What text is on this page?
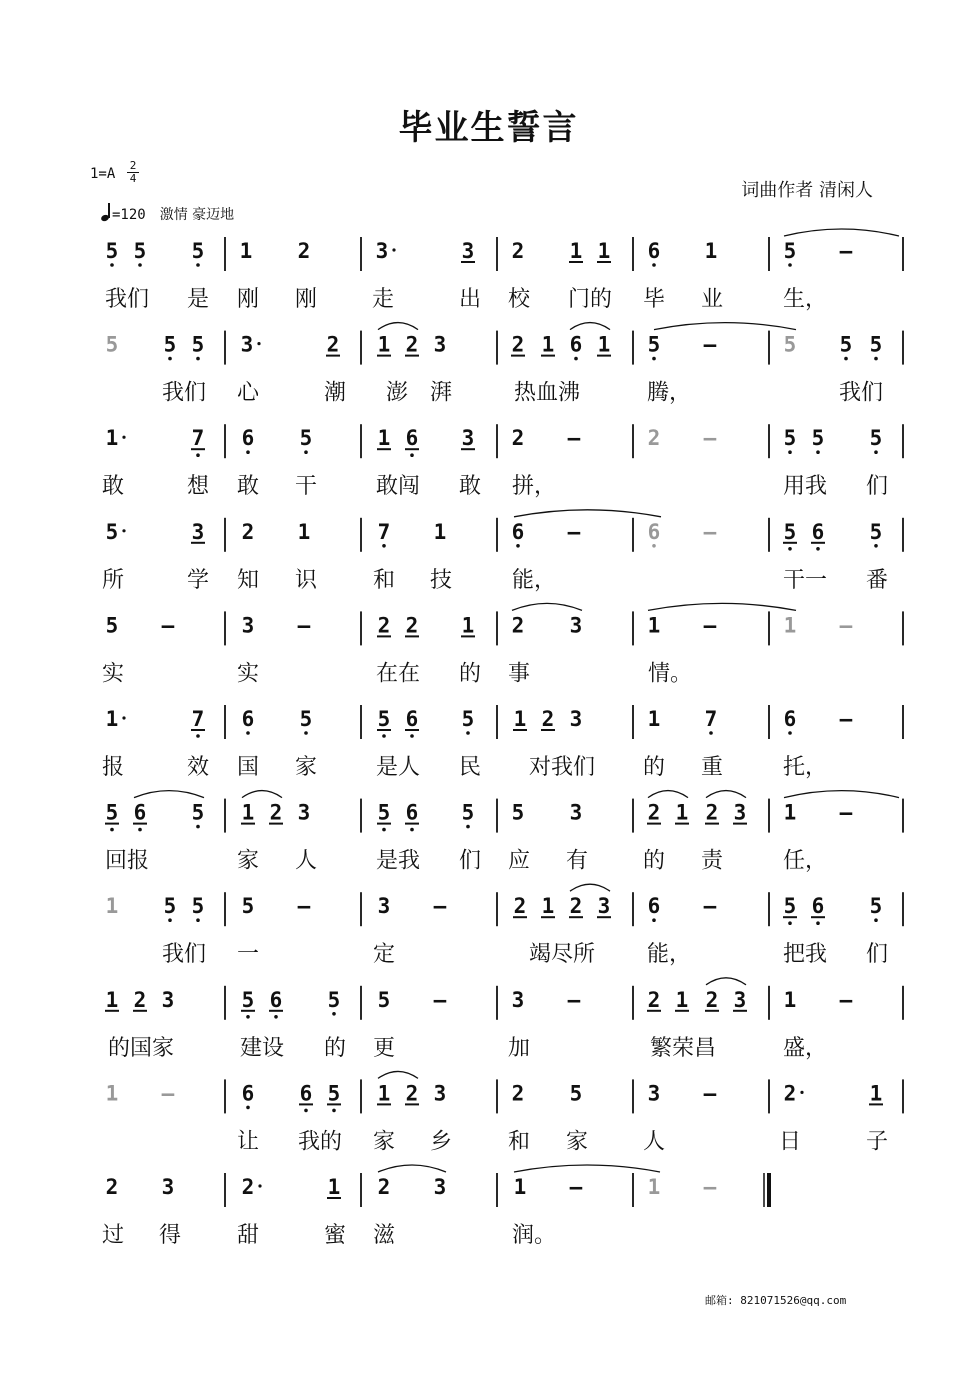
毕业生誓言
1=A
2
4
=120 激情 豪迈地
词曲作者 清闲人
5 5 5 1 2	3	3 2 1 1 6 1	5 –
我们 是 刚 刚 走	出 校 门的 毕 业	生，
5 5 5 3	2 1 2 3	2 1 6 1 5 –	5 5 5
我们 心	潮 澎 湃	热血沸	腾，	我们
1	7 6 5	1 6 3 2 –	2 –	5 5 5
敢	想 敢 干	敢闯 敢 拼，	用我 们
5	3 2 1	7 1	6 –	6 –	5 6 5
所	学 知 识	和 技	能，	干一 番
5 –	3 –	2 2 1 2 3	1 –	1 –
实	实	在在 的 事	情。
1	7 6 5	5 6 5 1 2 3	1 7	6 –
报	效 国 家	是人 民 对我们 的 重	托，
5 6 5 1 2 3	5 6 5 5 3	2 1 2 3 1 –
回报	家 人	是我 们 应 有 的 责	任，
1 5 5 5 –	3 –	2 1 2 3 6 –	5 6 5
我们 一	定	竭尽所 能，	把我 们
1 2 3	5 6 5 5 –	3 –	2 1 2 3 1 –
的国家	建设 的 更	加	繁荣昌	盛，
1 –	6 6 5 1 2 3	2 5	3 –	2	1
让 我的 家 乡	和 家 人	日	子
2 3	2	1 2 3	1 –	1 –
过 得	甜	蜜 滋	润。
邮箱: 821071526@qq.com
